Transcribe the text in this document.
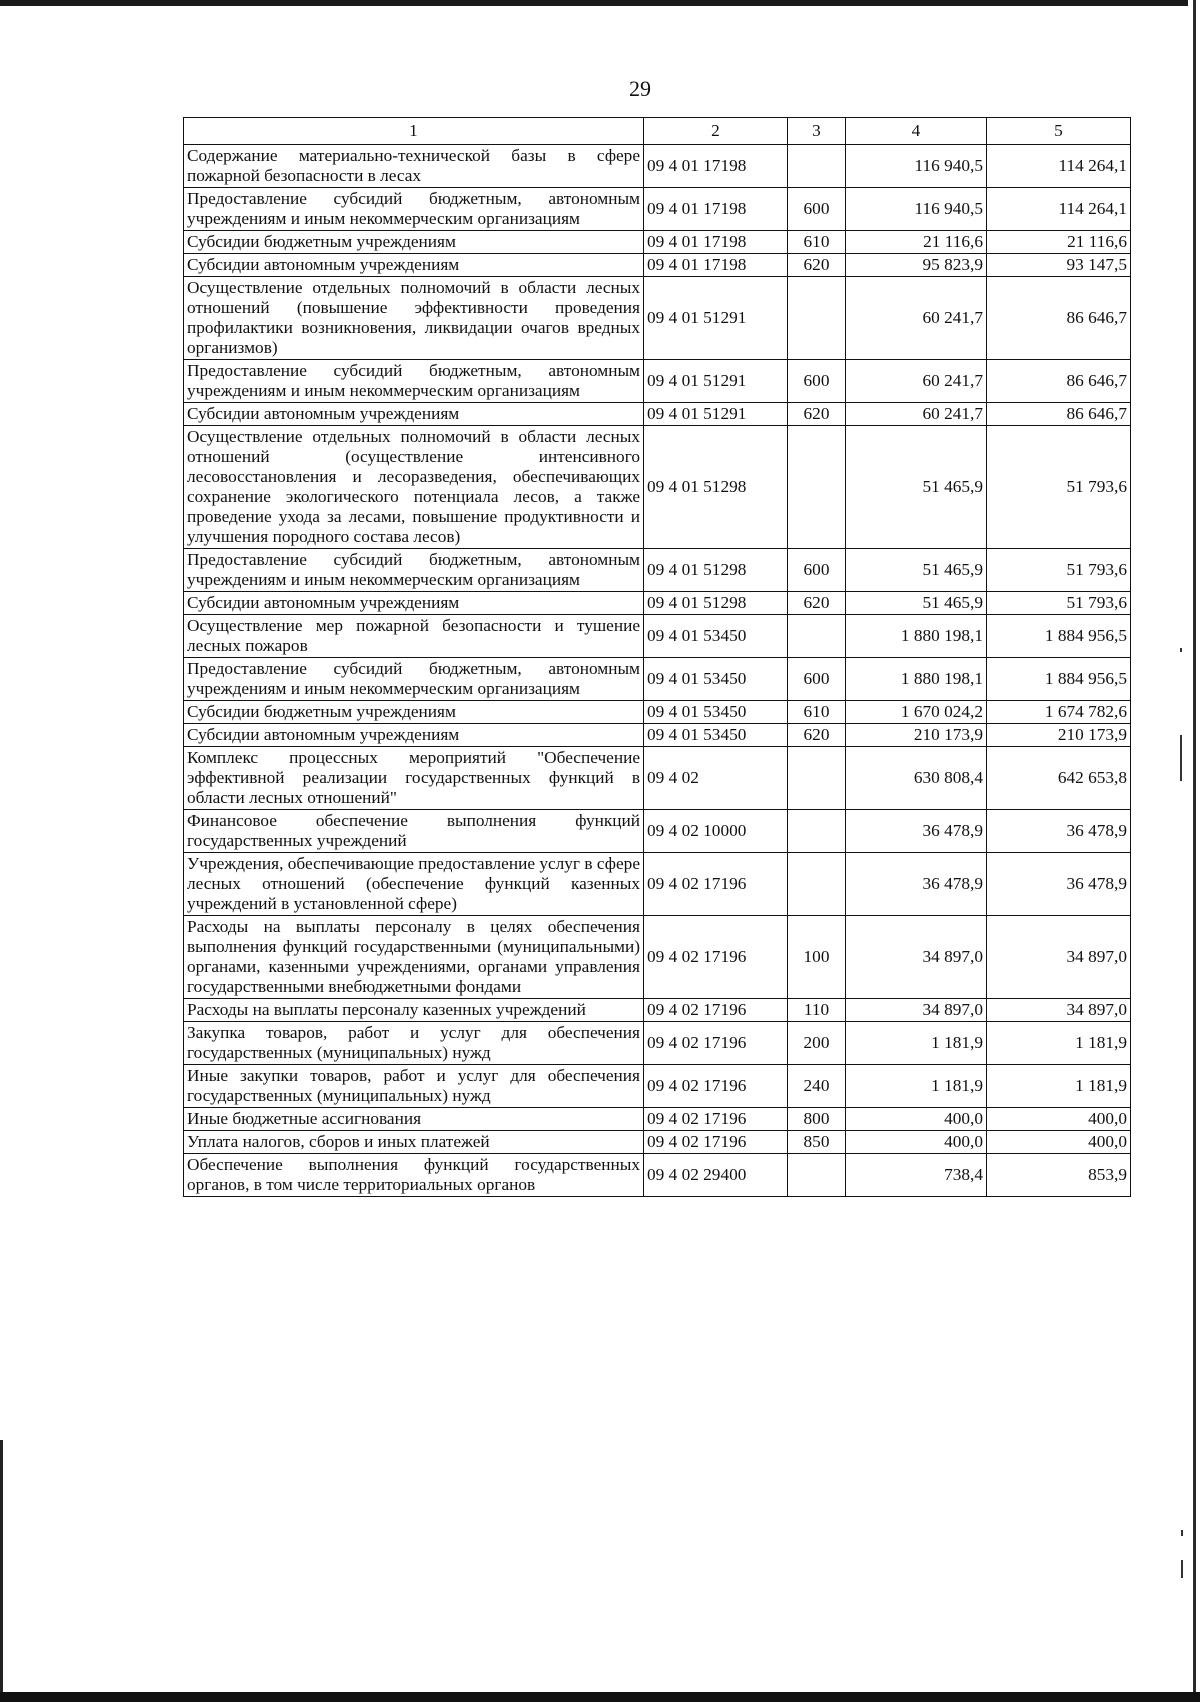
29
1	2	3	4	5
Содержание материально-технической базы в сфере пожарной безопасности в лесах	09 4 01 17198		116 940,5	114 264,1
Предоставление субсидий бюджетным, автономным учреждениям и иным некоммерческим организациям	09 4 01 17198	600	116 940,5	114 264,1
Субсидии бюджетным учреждениям	09 4 01 17198	610	21 116,6	21 116,6
Субсидии автономным учреждениям	09 4 01 17198	620	95 823,9	93 147,5
Осуществление отдельных полномочий в области лесных отношений (повышение эффективности проведения профилактики возникновения, ликвидации очагов вредных организмов)	09 4 01 51291		60 241,7	86 646,7
Предоставление субсидий бюджетным, автономным учреждениям и иным некоммерческим организациям	09 4 01 51291	600	60 241,7	86 646,7
Субсидии автономным учреждениям	09 4 01 51291	620	60 241,7	86 646,7
Осуществление отдельных полномочий в области лесных отношений (осуществление интенсивного лесовосстановления и лесоразведения, обеспечивающих сохранение экологического потенциала лесов, а также проведение ухода за лесами, повышение продуктивности и улучшения породного состава лесов)	09 4 01 51298		51 465,9	51 793,6
Предоставление субсидий бюджетным, автономным учреждениям и иным некоммерческим организациям	09 4 01 51298	600	51 465,9	51 793,6
Субсидии автономным учреждениям	09 4 01 51298	620	51 465,9	51 793,6
Осуществление мер пожарной безопасности и тушение лесных пожаров	09 4 01 53450		1 880 198,1	1 884 956,5
Предоставление субсидий бюджетным, автономным учреждениям и иным некоммерческим организациям	09 4 01 53450	600	1 880 198,1	1 884 956,5
Субсидии бюджетным учреждениям	09 4 01 53450	610	1 670 024,2	1 674 782,6
Субсидии автономным учреждениям	09 4 01 53450	620	210 173,9	210 173,9
Комплекс процессных мероприятий "Обеспечение эффективной реализации государственных функций в области лесных отношений"	09 4 02		630 808,4	642 653,8
Финансовое обеспечение выполнения функций государственных учреждений	09 4 02 10000		36 478,9	36 478,9
Учреждения, обеспечивающие предоставление услуг в сфере лесных отношений (обеспечение функций казенных учреждений в установленной сфере)	09 4 02 17196		36 478,9	36 478,9
Расходы на выплаты персоналу в целях обеспечения выполнения функций государственными (муниципальными) органами, казенными учреждениями, органами управления государственными внебюджетными фондами	09 4 02 17196	100	34 897,0	34 897,0
Расходы на выплаты персоналу казенных учреждений	09 4 02 17196	110	34 897,0	34 897,0
Закупка товаров, работ и услуг для обеспечения государственных (муниципальных) нужд	09 4 02 17196	200	1 181,9	1 181,9
Иные закупки товаров, работ и услуг для обеспечения государственных (муниципальных) нужд	09 4 02 17196	240	1 181,9	1 181,9
Иные бюджетные ассигнования	09 4 02 17196	800	400,0	400,0
Уплата налогов, сборов и иных платежей	09 4 02 17196	850	400,0	400,0
Обеспечение выполнения функций государственных органов, в том числе территориальных органов	09 4 02 29400		738,4	853,9
